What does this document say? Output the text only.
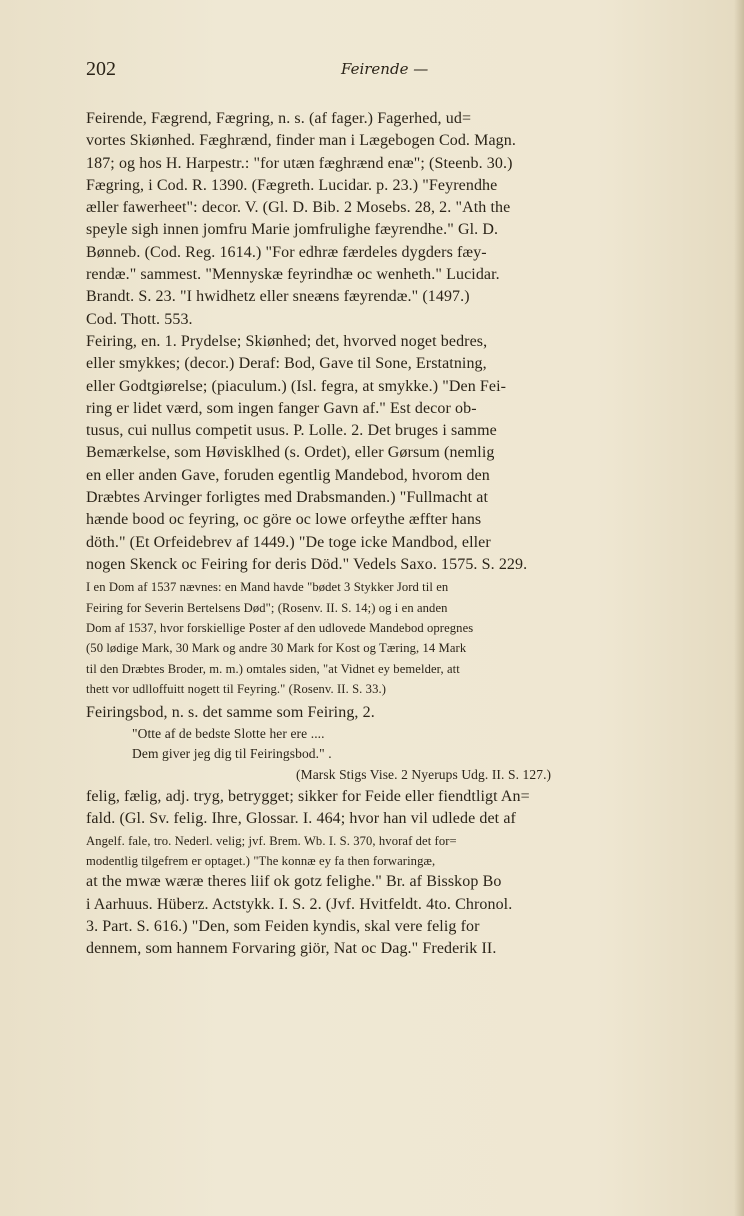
202	Feirende —

Feirende, Fægrend, Fægring, n. s. (af fager.) Fagerhed, ud=

vortes Skiønhed. Fæghrænd, finder man i Lægebogen Cod. Magn.

187; og hos H. Harpestr.: "for utæn fæghrænd enæ"; (Steenb. 30.)

Fægring, i Cod. R. 1390. (Fægreth. Lucidar. p. 23.) "Feyrendhe

æller fawerheet": decor. V. (Gl. D. Bib. 2 Mosebs. 28, 2. "Ath the

speyle sigh innen jomfru Marie jomfrulighe fæyrendhe." Gl. D.

Bønneb. (Cod. Reg. 1614.) "For edhræ færdeles dygders fæy-

rendæ." sammest. "Mennyskæ feyrindhæ oc wenheth." Lucidar.

Brandt. S. 23. "I hwidhetz eller sneæns fæyrendæ." (1497.)

Cod. Thott. 553.

Feiring, en. 1. Prydelse; Skiønhed; det, hvorved noget bedres,

eller smykkes; (decor.) Deraf: Bod, Gave til Sone, Erstatning,

eller Godtgiørelse; (piaculum.) (Isl. fegra, at smykke.) "Den Fei-

ring er lidet værd, som ingen fanger Gavn af." Est decor ob-

tusus, cui nullus competit usus. P. Lolle. 2. Det bruges i samme

Bemærkelse, som Høvisklhed (s. Ordet), eller Gørsum (nemlig

en eller anden Gave, foruden egentlig Mandebod, hvorom den

Dræbtes Arvinger forligtes med Drabsmanden.) "Fullmacht at

hænde bood oc feyring, oc göre oc lowe orfeythe æffter hans

döth." (Et Orfeidebrev af 1449.) "De toge icke Mandbod, eller

nogen Skenck oc Feiring for deris Död." Vedels Saxo. 1575. S. 229.

I en Dom af 1537 nævnes: en Mand havde "bødet 3 Stykker Jord til en

Feiring for Severin Bertelsens Død"; (Rosenv. II. S. 14;) og i en anden

Dom af 1537, hvor forskiellige Poster af den udlovede Mandebod opregnes

(50 lødige Mark, 30 Mark og andre 30 Mark for Kost og Tæring, 14 Mark

til den Dræbtes Broder, m. m.) omtales siden, "at Vidnet ey bemelder, att

thett vor udlloffuitt nogett til Feyring." (Rosenv. II. S. 33.)

Feiringsbod, n. s. det samme som Feiring, 2.

"Otte af de bedste Slotte her ere ....

Dem giver jeg dig til Feiringsbod." .

(Marsk Stigs Vise. 2 Nyerups Udg. II. S. 127.)

felig, fælig, adj. tryg, betrygget; sikker for Feide eller fiendtligt An=

fald. (Gl. Sv. felig. Ihre, Glossar. I. 464; hvor han vil udlede det af

Angelf. fale, tro. Nederl. velig; jvf. Brem. Wb. I. S. 370, hvoraf det for=

modentlig tilgefrem er optaget.) "The konnæ ey fa then forwaringæ,

at the mwæ wæræ theres liif ok gotz felighe." Br. af Bisskop Bo

i Aarhuus. Hüberz. Actstykk. I. S. 2. (Jvf. Hvitfeldt. 4to. Chronol.

3. Part. S. 616.) "Den, som Feiden kyndis, skal vere felig for

dennem, som hannem Forvaring giör, Nat oc Dag." Frederik II.
